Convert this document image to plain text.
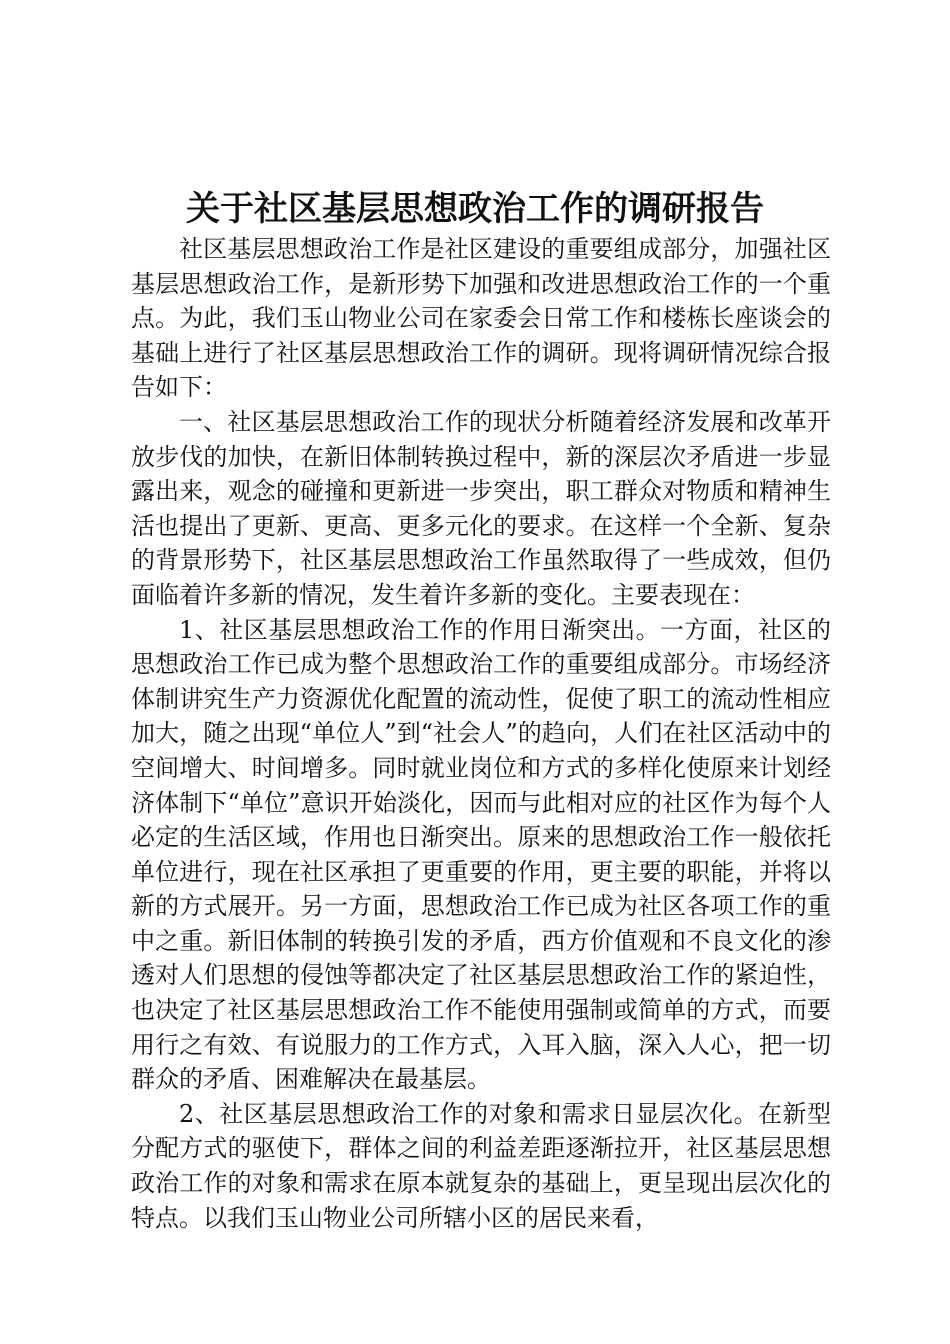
关于社区基层思想政治工作的调研报告

社区基层思想政治工作是社区建设的重要组成部分，加强社区基层思想政治工作，是新形势下加强和改进思想政治工作的一个重点。为此，我们玉山物业公司在家委会日常工作和楼栋长座谈会的基础上进行了社区基层思想政治工作的调研。现将调研情况综合报告如下：

一、社区基层思想政治工作的现状分析随着经济发展和改革开放步伐的加快，在新旧体制转换过程中，新的深层次矛盾进一步显露出来，观念的碰撞和更新进一步突出，职工群众对物质和精神生活也提出了更新、更高、更多元化的要求。在这样一个全新、复杂的背景形势下，社区基层思想政治工作虽然取得了一些成效，但仍面临着许多新的情况，发生着许多新的变化。主要表现在：

1、社区基层思想政治工作的作用日渐突出。一方面，社区的思想政治工作已成为整个思想政治工作的重要组成部分。市场经济体制讲究生产力资源优化配置的流动性，促使了职工的流动性相应加大，随之出现“单位人”到“社会人”的趋向，人们在社区活动中的空间增大、时间增多。同时就业岗位和方式的多样化使原来计划经济体制下“单位”意识开始淡化，因而与此相对应的社区作为每个人必定的生活区域，作用也日渐突出。原来的思想政治工作一般依托单位进行，现在社区承担了更重要的作用，更主要的职能，并将以新的方式展开。另一方面，思想政治工作已成为社区各项工作的重中之重。新旧体制的转换引发的矛盾，西方价值观和不良文化的渗透对人们思想的侵蚀等都决定了社区基层思想政治工作的紧迫性，也决定了社区基层思想政治工作不能使用强制或简单的方式，而要用行之有效、有说服力的工作方式，入耳入脑，深入人心，把一切群众的矛盾、困难解决在最基层。

2、社区基层思想政治工作的对象和需求日显层次化。在新型分配方式的驱使下，群体之间的利益差距逐渐拉开，社区基层思想政治工作的对象和需求在原本就复杂的基础上，更呈现出层次化的特点。以我们玉山物业公司所辖小区的居民来看，
